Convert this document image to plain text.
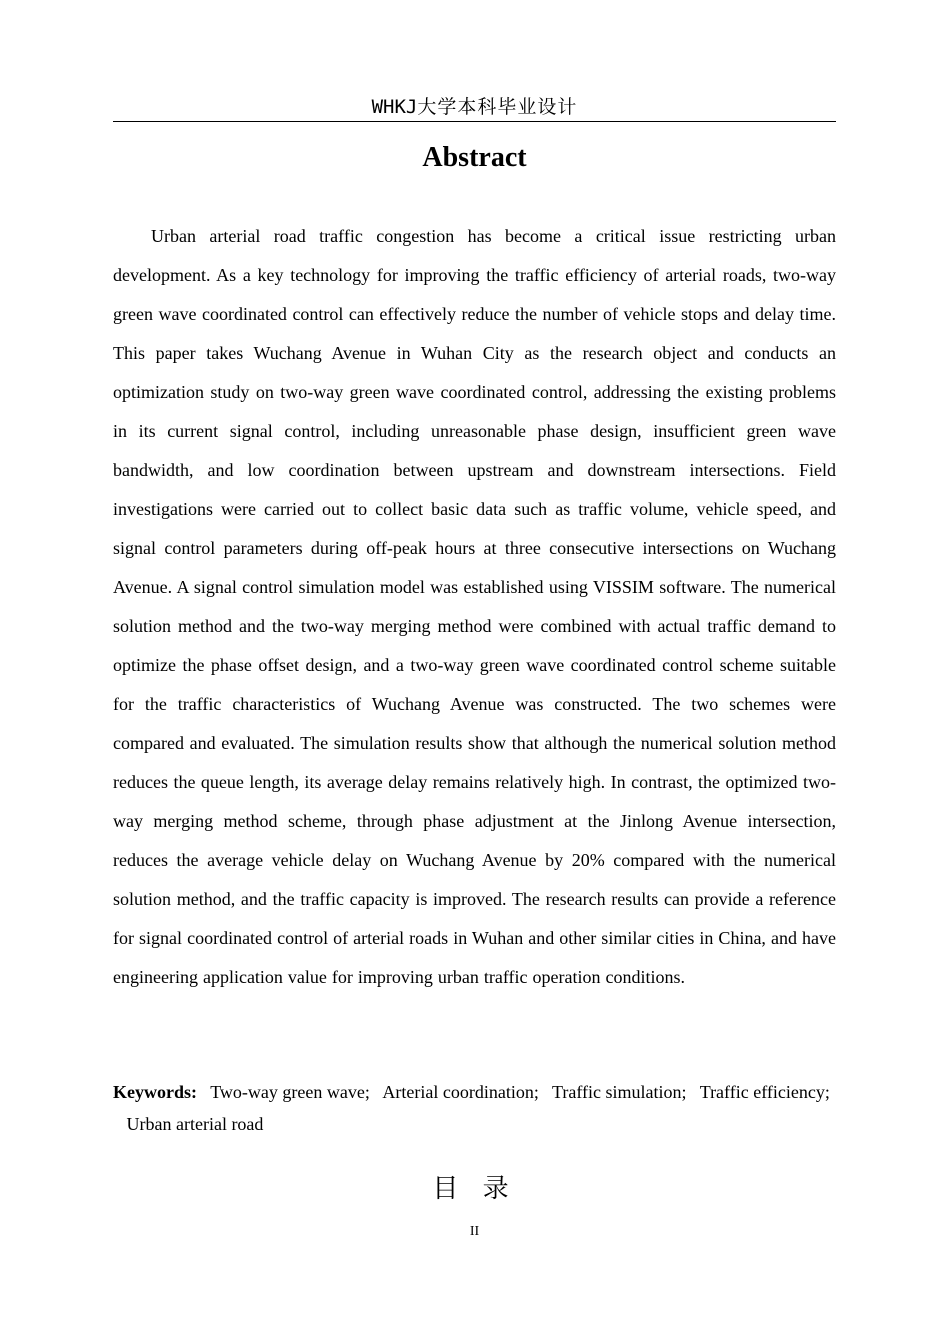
WHKJ大学本科毕业设计
Abstract

Urban arterial road traffic congestion has become a critical issue restricting urban development. As a key technology for improving the traffic efficiency of arterial roads, two-way green wave coordinated control can effectively reduce the number of vehicle stops and delay time. This paper takes Wuchang Avenue in Wuhan City as the research object and conducts an optimization study on two-way green wave coordinated control, addressing the existing problems in its current signal control, including unreasonable phase design, insufficient green wave bandwidth, and low coordination between upstream and downstream intersections. Field investigations were carried out to collect basic data such as traffic volume, vehicle speed, and signal control parameters during off-peak hours at three consecutive intersections on Wuchang Avenue. A signal control simulation model was established using VISSIM software. The numerical solution method and the two-way merging method were combined with actual traffic demand to optimize the phase offset design, and a two-way green wave coordinated control scheme suitable for the traffic characteristics of Wuchang Avenue was constructed. The two schemes were compared and evaluated. The simulation results show that although the numerical solution method reduces the queue length, its average delay remains relatively high. In contrast, the optimized two-way merging method scheme, through phase adjustment at the Jinlong Avenue intersection, reduces the average vehicle delay on Wuchang Avenue by 20% compared with the numerical solution method, and the traffic capacity is improved. The research results can provide a reference for signal coordinated control of arterial roads in Wuhan and other similar cities in China, and have engineering application value for improving urban traffic operation conditions.

Keywords: Two-way green wave; Arterial coordination; Traffic simulation; Traffic efficiency;   Urban arterial road

目 录
II
